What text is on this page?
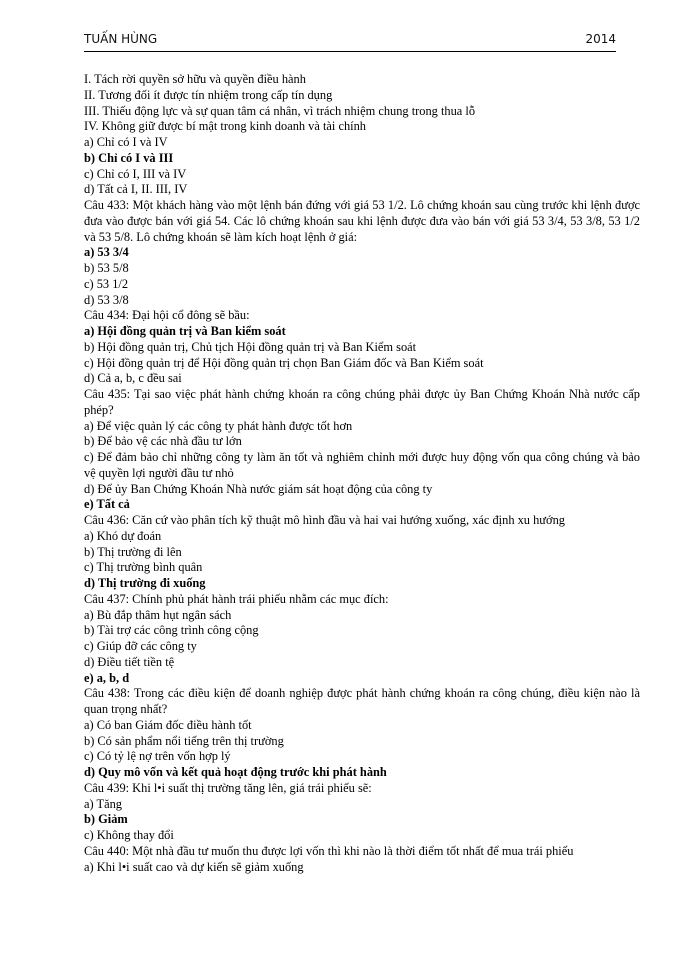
TUẤN HÙNG	2014
I. Tách rời quyền sở hữu và quyền điều hành
II. Tương đối ít được tín nhiệm trong cấp tín dụng
III. Thiếu động lực và sự quan tâm cá nhân, vì trách nhiệm chung trong thua lỗ
IV. Không giữ được bí mật trong kinh doanh và tài chính
a) Chỉ có I và IV
b) Chỉ có I và III
c) Chỉ có I, III và IV
d) Tất cả I, II. III, IV
Câu 433: Một khách hàng vào một lệnh bán đứng với giá 53 1/2. Lô chứng khoán sau cùng trước khi lệnh được đưa vào được bán với giá 54. Các lô chứng khoán sau khi lệnh được đưa vào bán với giá 53 3/4, 53 3/8, 53 1/2 và 53 5/8. Lô chứng khoán sẽ làm kích hoạt lệnh ở giá:
a) 53 3/4
b) 53 5/8
c) 53 1/2
d) 53 3/8
Câu 434: Đại hội cổ đông sẽ bầu:
a) Hội đồng quản trị và Ban kiểm soát
b) Hội đồng quản trị, Chủ tịch Hội đồng quản trị và Ban Kiểm soát
c) Hội đồng quản trị để Hội đồng quản trị chọn Ban Giám đốc và Ban Kiểm soát
d) Cả a, b, c đều sai
Câu 435: Tại sao việc phát hành chứng khoán ra công chúng phải được ủy Ban Chứng Khoán Nhà nước cấp phép?
a) Để việc quản lý các công ty phát hành được tốt hơn
b) Để bảo vệ các nhà đầu tư lớn
c) Để đảm bảo chỉ những công ty làm ăn tốt và nghiêm chỉnh mới được huy động vốn qua công chúng và bảo vệ quyền lợi người đầu tư nhỏ
d) Để ủy Ban Chứng Khoán Nhà nước giám sát hoạt động của công ty
e) Tất cả
Câu 436: Căn cứ vào phân tích kỹ thuật mô hình đầu và hai vai hướng xuống, xác định xu hướng
a) Khó dự đoán
b) Thị trường đi lên
c) Thị trường bình quân
d) Thị trường đi xuống
Câu 437: Chính phủ phát hành trái phiếu nhằm các mục đích:
a) Bù đắp thâm hụt ngân sách
b) Tài trợ các công trình công cộng
c) Giúp đỡ các công ty
d) Điều tiết tiền tệ
e) a, b, d
Câu 438: Trong các điều kiện để doanh nghiệp được phát hành chứng khoán ra công chúng, điều kiện nào là quan trọng nhất?
a) Có ban Giám đốc điều hành tốt
b) Có sản phẩm nổi tiếng trên thị trường
c) Có tỷ lệ nợ trên vốn hợp lý
d) Quy mô vốn và kết quả hoạt động trước khi phát hành
Câu 439: Khi l•i suất thị trường tăng lên, giá trái phiếu sẽ:
a) Tăng
b) Giảm
c) Không thay đổi
Câu 440: Một nhà đầu tư muốn thu được lợi vốn thì khi nào là thời điểm tốt nhất để mua trái phiếu
a) Khi l•i suất cao và dự kiến sẽ giảm xuống
